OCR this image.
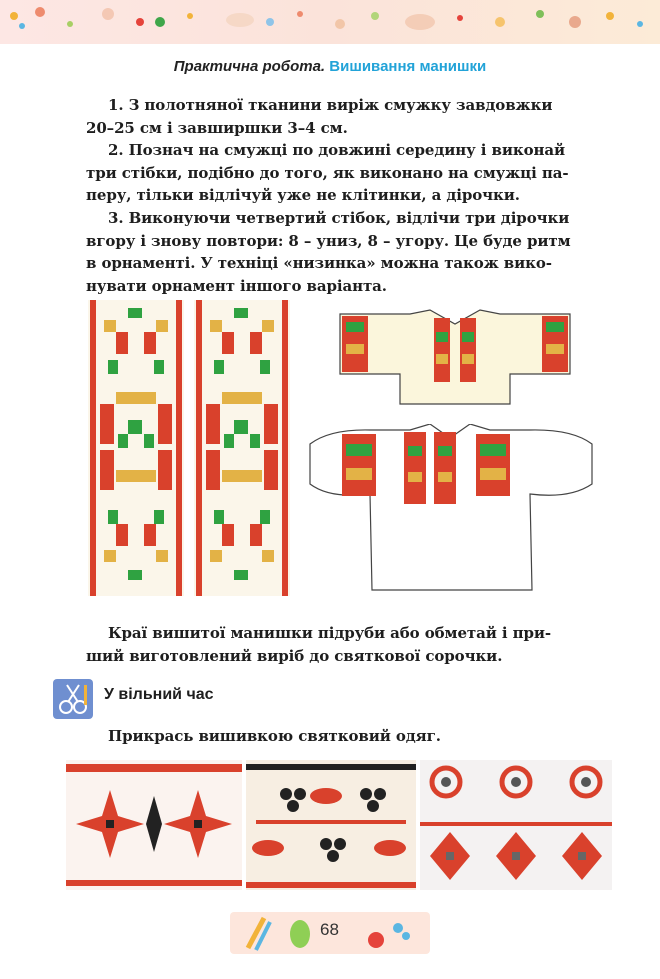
Практична робота. Вишивання манишки

1. З полотняної тканини виріж смужку завдовжки
20–25 см і завширшки 3–4 см.

2. Познач на смужці по довжині середину і виконай
три стібки, подібно до того, як виконано на смужці па-
перу, тільки відлічуй уже не клітинки, а дірочки.

3. Виконуючи четвертий стібок, відлічи три дірочки
вгору і знову повтори: 8 – униз, 8 – угору. Це буде ритм
в орнаменті. У техніці «низинка» можна також вико-
нувати орнамент іншого варіанта.

Краї вишитої манишки підруби або обметай і при-
ший виготовлений виріб до святкової сорочки.

У вільний час

Прикрась вишивкою святковий одяг.

68
